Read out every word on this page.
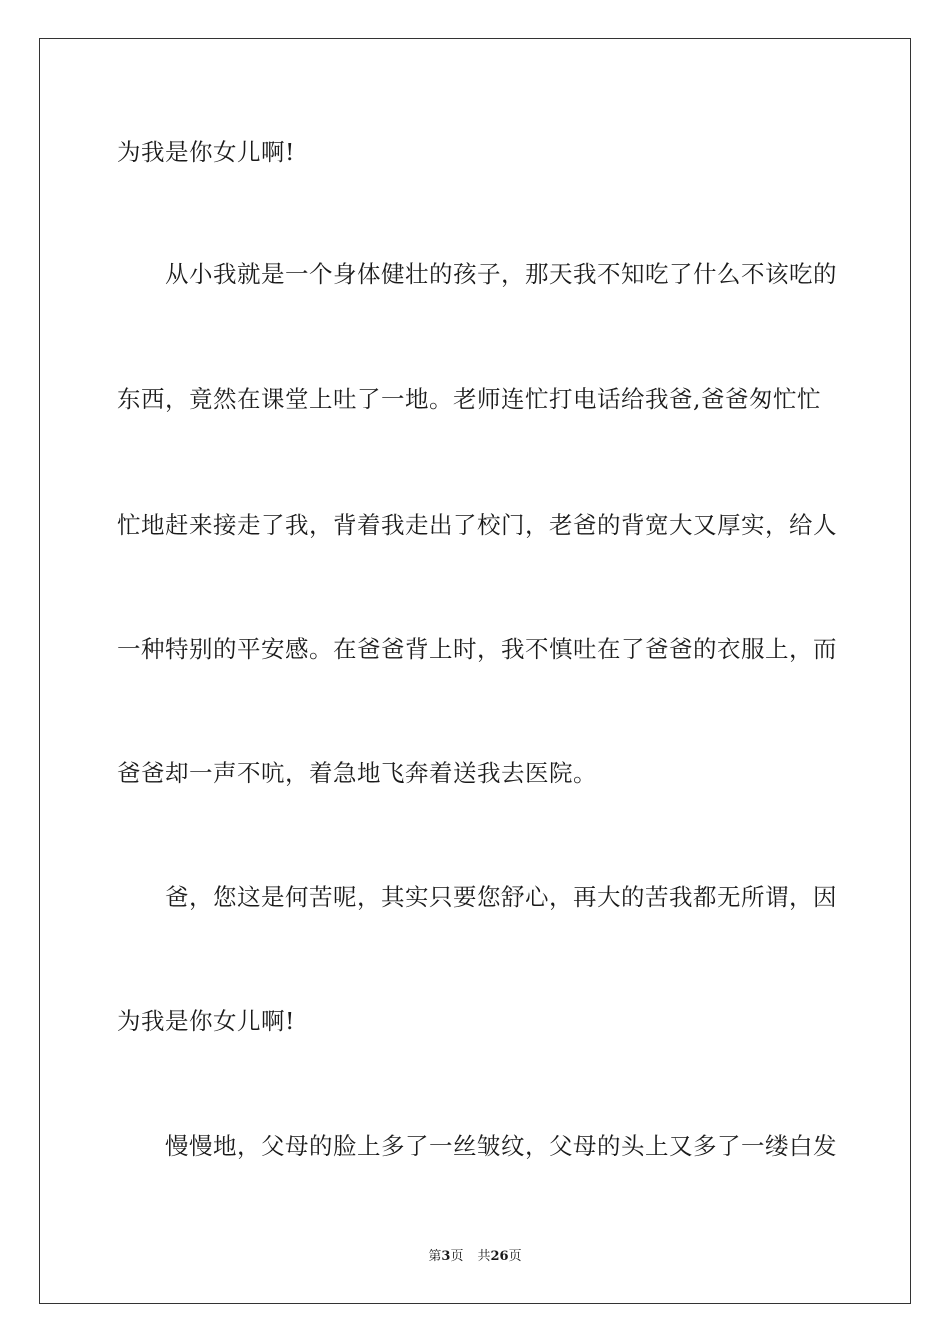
为我是你女儿啊!
从小我就是一个身体健壮的孩子，那天我不知吃了什么不该吃的
东西，竟然在课堂上吐了一地。老师连忙打电话给我爸,爸爸匆忙忙
忙地赶来接走了我，背着我走出了校门，老爸的背宽大又厚实，给人
一种特别的平安感。在爸爸背上时，我不慎吐在了爸爸的衣服上，而
爸爸却一声不吭，着急地飞奔着送我去医院。
爸，您这是何苦呢，其实只要您舒心，再大的苦我都无所谓，因
为我是你女儿啊!
慢慢地，父母的脸上多了一丝皱纹，父母的头上又多了一缕白发
第3页 共26页
